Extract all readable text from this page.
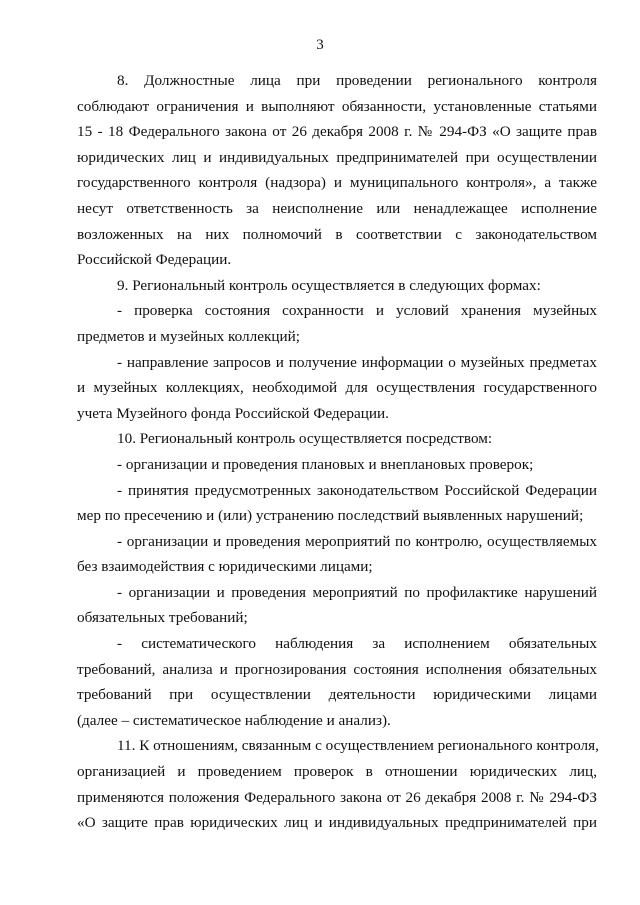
3
8. Должностные лица при проведении регионального контроля
соблюдают ограничения и выполняют обязанности, установленные статьями
15 - 18 Федерального закона от 26 декабря 2008 г. № 294-ФЗ «О защите прав
юридических лиц и индивидуальных предпринимателей при осуществлении
государственного контроля (надзора) и муниципального контроля», а также
несут ответственность за неисполнение или ненадлежащее исполнение
возложенных на них полномочий в соответствии с законодательством
Российской Федерации.
9. Региональный контроль осуществляется в следующих формах:
- проверка состояния сохранности и условий хранения музейных
предметов и музейных коллекций;
- направление запросов и получение информации о музейных предметах
и музейных коллекциях, необходимой для осуществления государственного
учета Музейного фонда Российской Федерации.
10. Региональный контроль осуществляется посредством:
- организации и проведения плановых и внеплановых проверок;
- принятия предусмотренных законодательством Российской Федерации
мер по пресечению и (или) устранению последствий выявленных нарушений;
- организации и проведения мероприятий по контролю, осуществляемых
без взаимодействия с юридическими лицами;
- организации и проведения мероприятий по профилактике нарушений
обязательных требований;
- систематического наблюдения за исполнением обязательных
требований, анализа и прогнозирования состояния исполнения обязательных
требований при осуществлении деятельности юридическими лицами
(далее – систематическое наблюдение и анализ).
11. К отношениям, связанным с осуществлением регионального контроля,
организацией и проведением проверок в отношении юридических лиц,
применяются положения Федерального закона от 26 декабря 2008 г. № 294-ФЗ
«О защите прав юридических лиц и индивидуальных предпринимателей при
